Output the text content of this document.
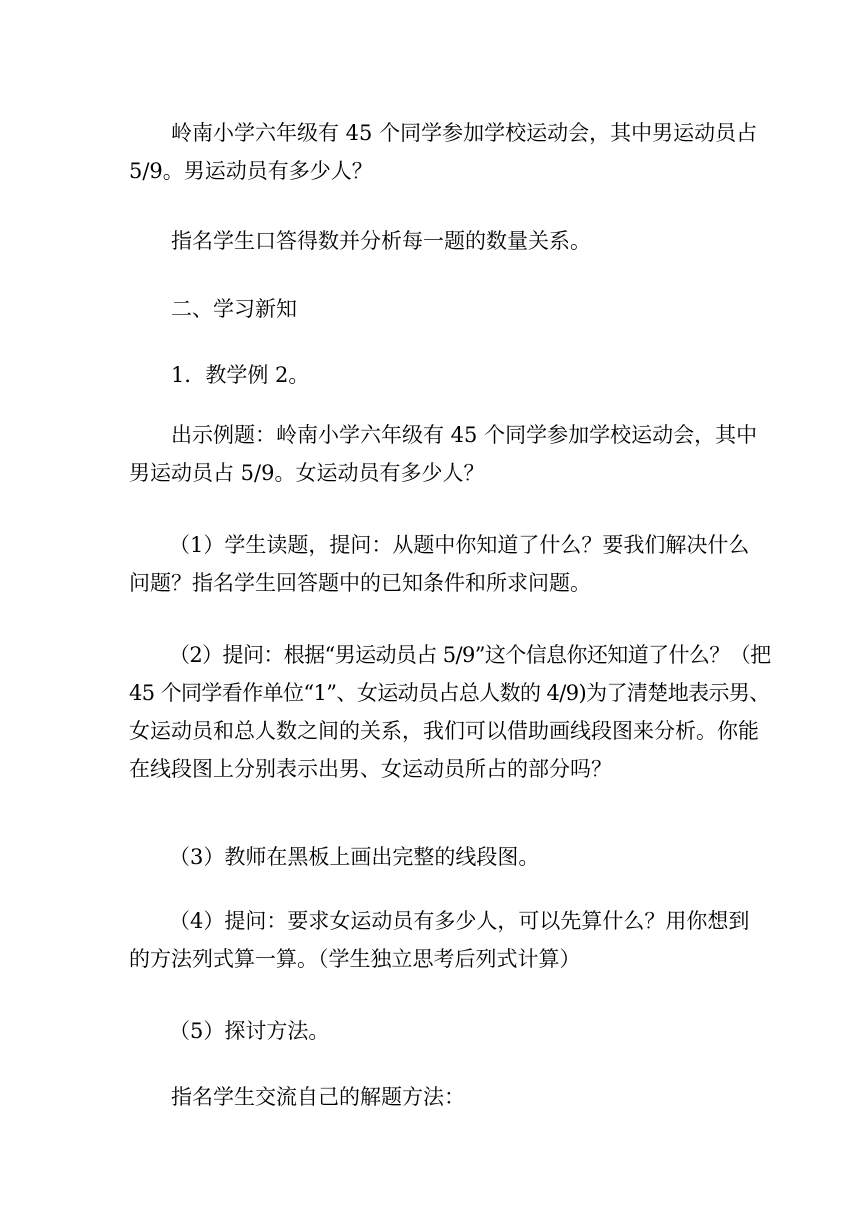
岭南小学六年级有 45 个同学参加学校运动会，其中男运动员占
5/9。男运动员有多少人？

指名学生口答得数并分析每一题的数量关系。

二、学习新知

1．教学例 2。

出示例题：岭南小学六年级有 45 个同学参加学校运动会，其中
男运动员占 5/9。女运动员有多少人？

（1）学生读题，提问：从题中你知道了什么？要我们解决什么
问题？指名学生回答题中的已知条件和所求问题。

（2）提问：根据“男运动员占 5/9”这个信息你还知道了什么？（把
45 个同学看作单位“1”、女运动员占总人数的 4/9)为了清楚地表示男、
女运动员和总人数之间的关系，我们可以借助画线段图来分析。你能
在线段图上分别表示出男、女运动员所占的部分吗？

（3）教师在黑板上画出完整的线段图。

（4）提问：要求女运动员有多少人，可以先算什么？用你想到
的方法列式算一算。（学生独立思考后列式计算）

（5）探讨方法。

指名学生交流自己的解题方法：
